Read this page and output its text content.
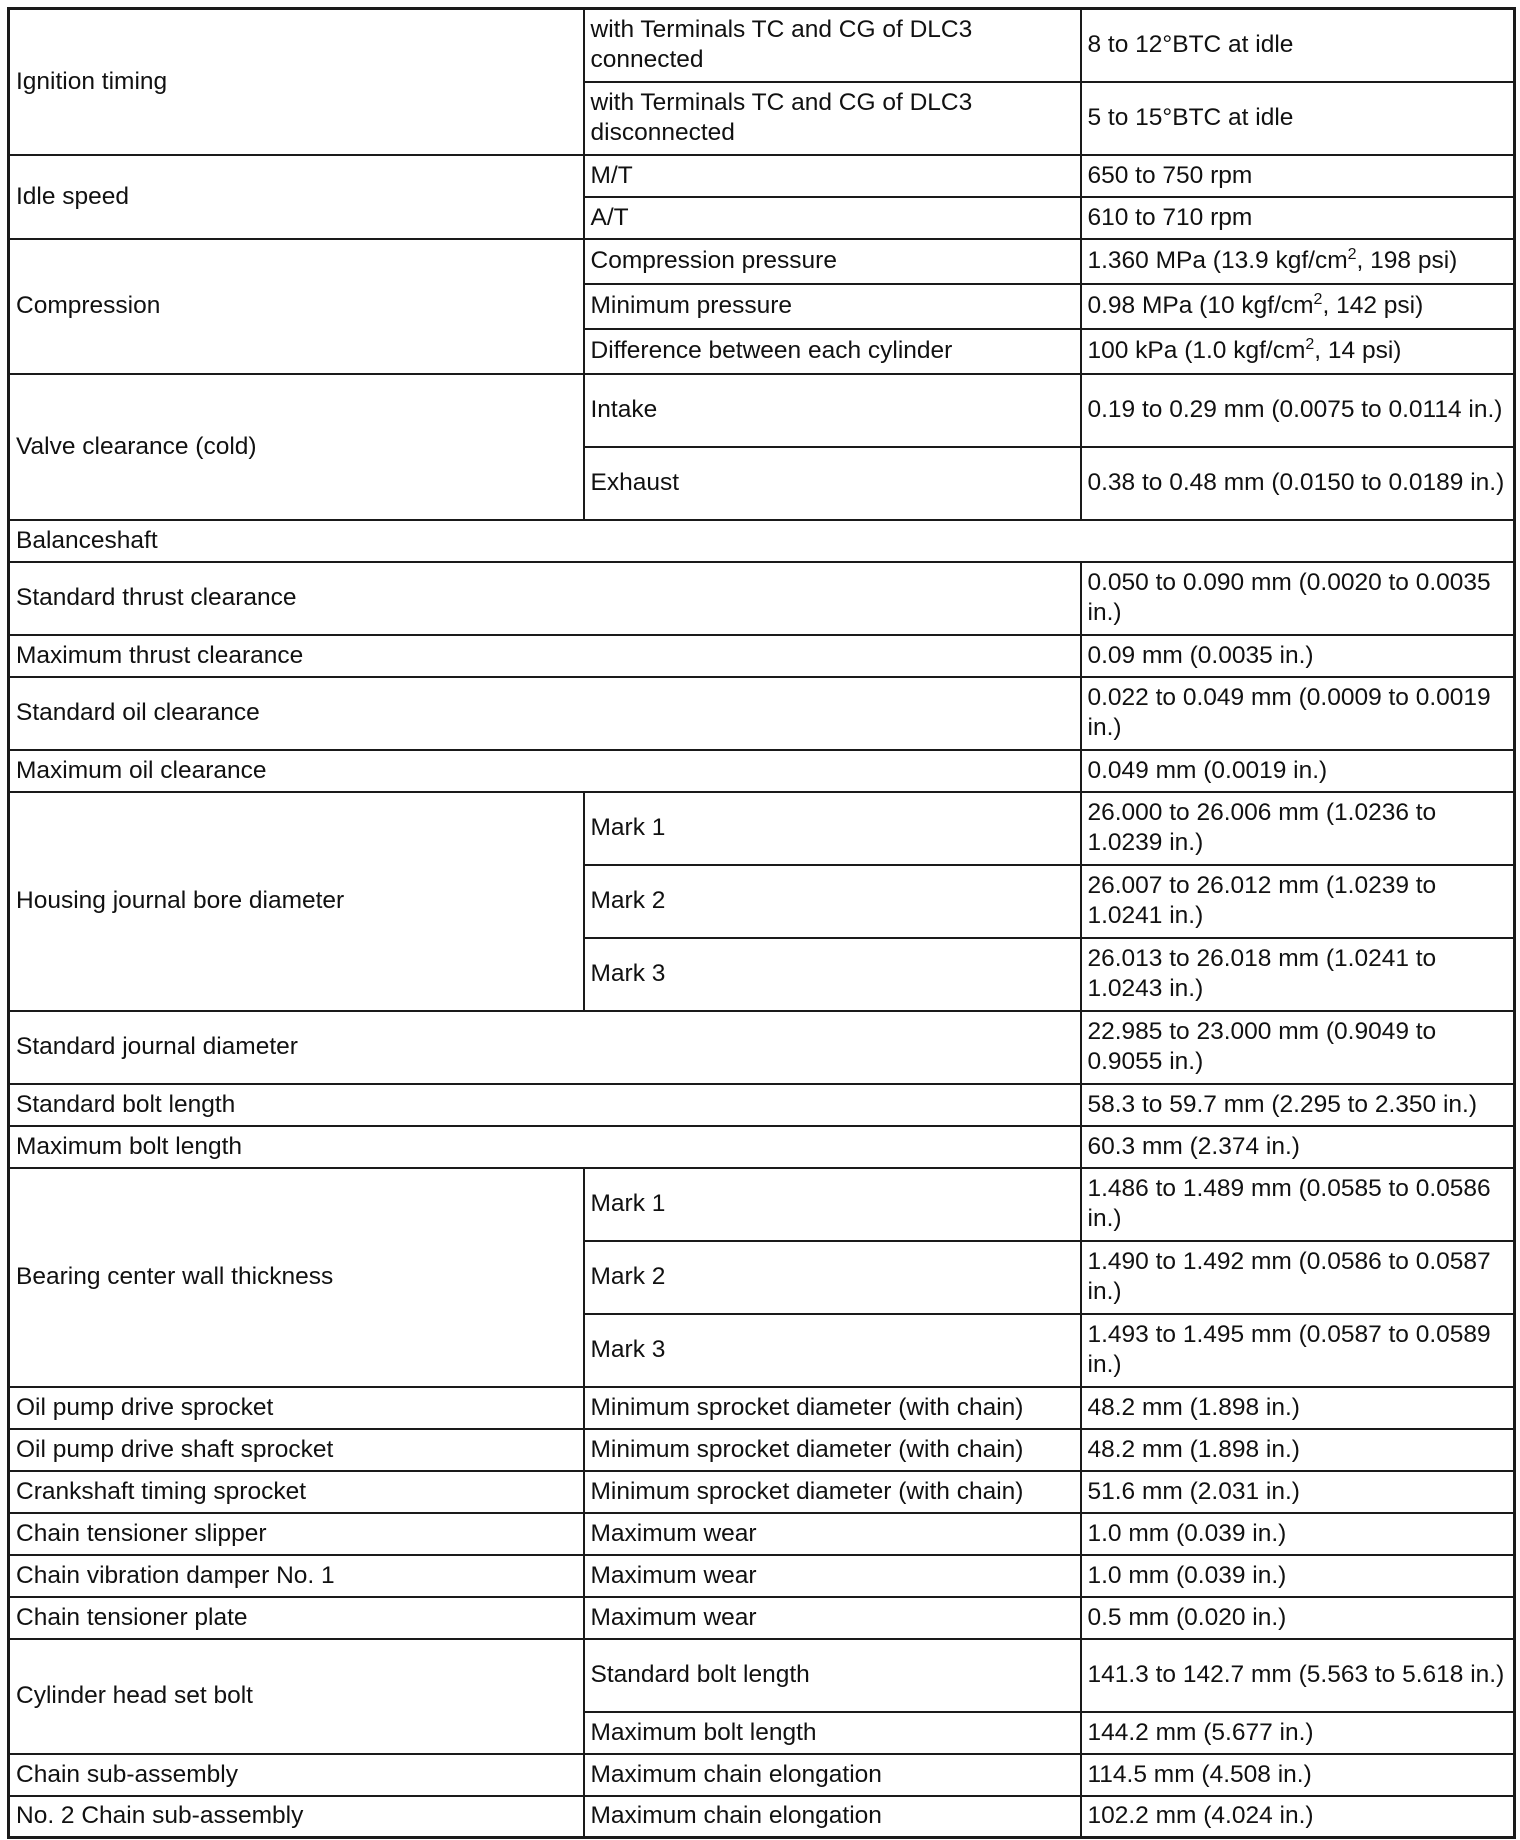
Ignition timing	with Terminals TC and CG of DLC3 connected	8 to 12°BTC at idle
	with Terminals TC and CG of DLC3 disconnected	5 to 15°BTC at idle
Idle speed	M/T	650 to 750 rpm
	A/T	610 to 710 rpm
Compression	Compression pressure	1.360 MPa (13.9 kgf/$cm^2$, 198 psi)
	Minimum pressure	0.98 MPa (10 kgf/$cm^2$, 142 psi)
	Difference between each cylinder	100 kPa (1.0 kgf/$cm^2$, 14 psi)
Valve clearance (cold)	Intake	0.19 to 0.29 mm (0.0075 to 0.0114 in.)
	Exhaust	0.38 to 0.48 mm (0.0150 to 0.0189 in.)
Balanceshaft		
Standard thrust clearance		0.050 to 0.090 mm (0.0020 to 0.0035 in.)
Maximum thrust clearance		0.09 mm (0.0035 in.)
Standard oil clearance		0.022 to 0.049 mm (0.0009 to 0.0019 in.)
Maximum oil clearance		0.049 mm (0.0019 in.)
Housing journal bore diameter	Mark 1	26.000 to 26.006 mm (1.0236 to 1.0239 in.)
	Mark 2	26.007 to 26.012 mm (1.0239 to 1.0241 in.)
	Mark 3	26.013 to 26.018 mm (1.0241 to 1.0243 in.)
Standard journal diameter		22.985 to 23.000 mm (0.9049 to 0.9055 in.)
Standard bolt length		58.3 to 59.7 mm (2.295 to 2.350 in.)
Maximum bolt length		60.3 mm (2.374 in.)
Bearing center wall thickness	Mark 1	1.486 to 1.489 mm (0.0585 to 0.0586 in.)
	Mark 2	1.490 to 1.492 mm (0.0586 to 0.0587 in.)
	Mark 3	1.493 to 1.495 mm (0.0587 to 0.0589 in.)
Oil pump drive sprocket	Minimum sprocket diameter (with chain)	48.2 mm (1.898 in.)
Oil pump drive shaft sprocket	Minimum sprocket diameter (with chain)	48.2 mm (1.898 in.)
Crankshaft timing sprocket	Minimum sprocket diameter (with chain)	51.6 mm (2.031 in.)
Chain tensioner slipper	Maximum wear	1.0 mm (0.039 in.)
Chain vibration damper No. 1	Maximum wear	1.0 mm (0.039 in.)
Chain tensioner plate	Maximum wear	0.5 mm (0.020 in.)
Cylinder head set bolt	Standard bolt length	141.3 to 142.7 mm (5.563 to 5.618 in.)
	Maximum bolt length	144.2 mm (5.677 in.)
Chain sub-assembly	Maximum chain elongation	114.5 mm (4.508 in.)
No. 2 Chain sub-assembly	Maximum chain elongation	102.2 mm (4.024 in.)
